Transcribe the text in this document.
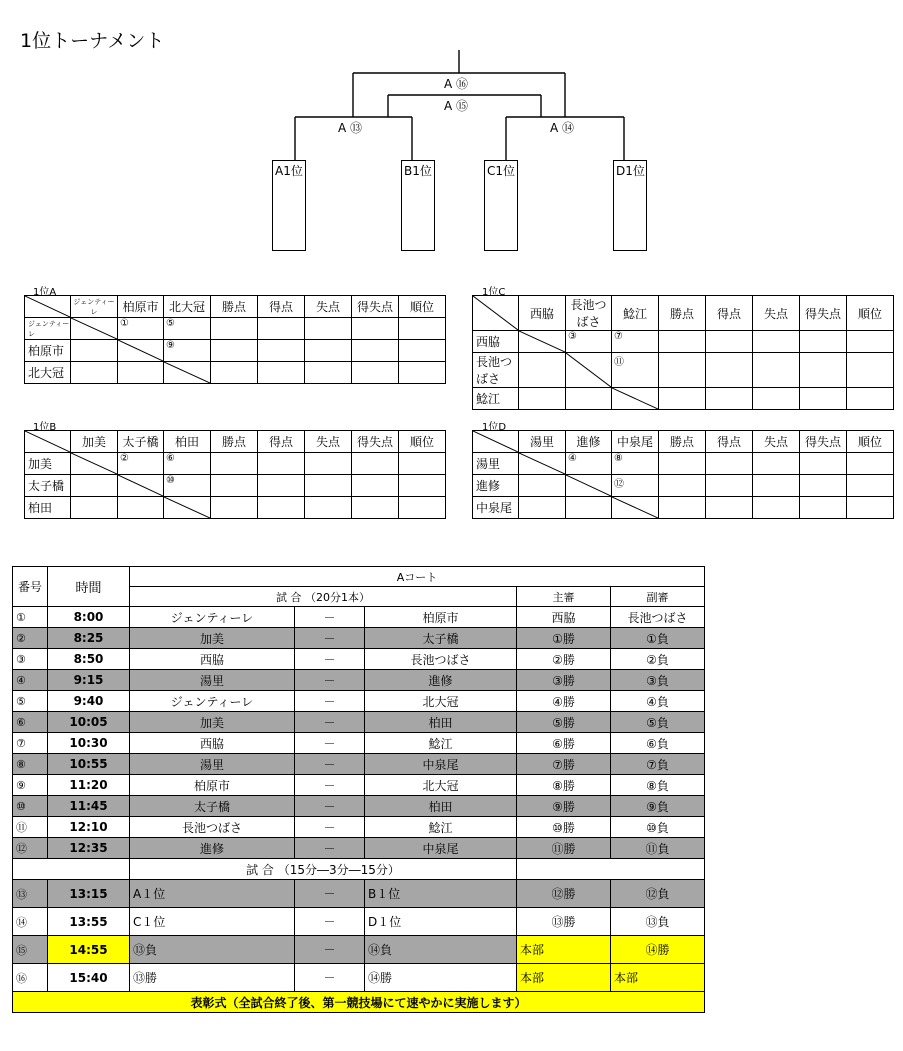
1位トーナメント
A ⑯
A ⑮
A ⑬	A ⑭
A1位	B1位	C1位	D1位
1位A	1位C
1位B	1位D
	ジェンティーレ	柏原市	北大冠	勝点	得点	失点	得失点	順位
ジェンティーレ		①	⑤					
柏原市			⑨					
北大冠			

	西脇	長池つばさ	鯰江	勝点	得点	失点	得失点	順位
西脇		③	⑦					
長池つばさ			⑪					
鯰江			

	加美	太子橋	柏田	勝点	得点	失点	得失点	順位
加美		②	⑥					
太子橋			⑩					
柏田			

	湯里	進修	中泉尾	勝点	得点	失点	得失点	順位
湯里		④	⑧					
進修			⑫					
中泉尾			

番号	時間	Aコート				
		試 合 （20分1本）			主審	副審
①	8:00	ジェンティーレ	－	柏原市	西脇	長池つばさ
②	8:25	加美	－	太子橋	①勝	①負
③	8:50	西脇	－	長池つばさ	②勝	②負
④	9:15	湯里	－	進修	③勝	③負
⑤	9:40	ジェンティーレ	－	北大冠	④勝	④負
⑥	10:05	加美	－	柏田	⑤勝	⑤負
⑦	10:30	西脇	－	鯰江	⑥勝	⑥負
⑧	10:55	湯里	－	中泉尾	⑦勝	⑦負
⑨	11:20	柏原市	－	北大冠	⑧勝	⑧負
⑩	11:45	太子橋	－	柏田	⑨勝	⑨負
⑪	12:10	長池つばさ	－	鯰江	⑩勝	⑩負
⑫	12:35	進修	－	中泉尾	⑪勝	⑪負
		試 合 （15分―3分―15分）				
⑬	13:15	A１位	－	B１位	⑫勝	⑫負
⑭	13:55	C１位	－	D１位	⑬勝	⑬負
⑮	14:55	⑬負	－	⑭負	本部	⑭勝
⑯	15:40	⑬勝	－	⑭勝	本部	本部
表彰式（全試合終了後、第一競技場にて速やかに実施します）						
